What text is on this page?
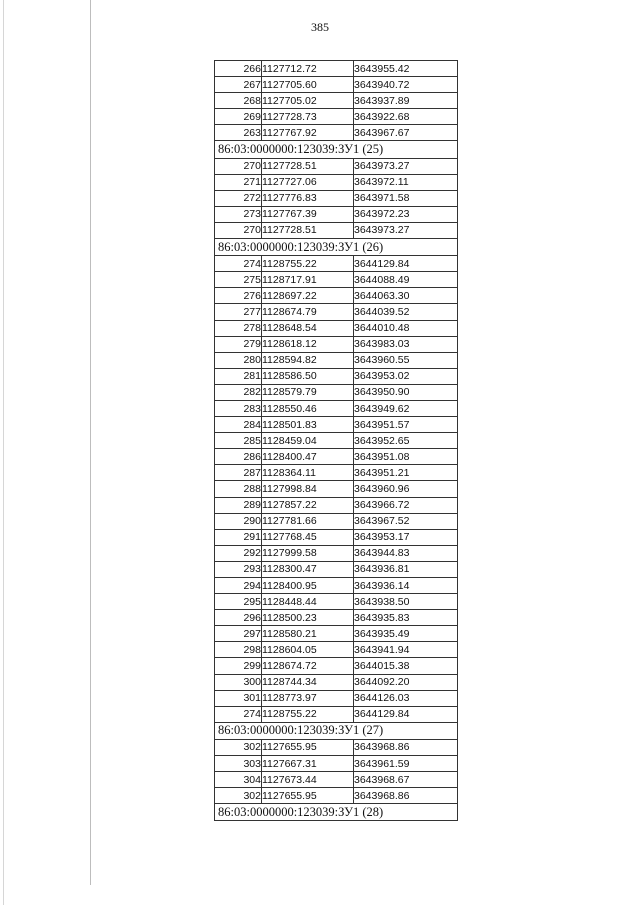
385
266	1127712.72	3643955.42
267	1127705.60	3643940.72
268	1127705.02	3643937.89
269	1127728.73	3643922.68
263	1127767.92	3643967.67
86:03:0000000:123039:ЗУ1 (25)		
270	1127728.51	3643973.27
271	1127727.06	3643972.11
272	1127776.83	3643971.58
273	1127767.39	3643972.23
270	1127728.51	3643973.27
86:03:0000000:123039:ЗУ1 (26)		
274	1128755.22	3644129.84
275	1128717.91	3644088.49
276	1128697.22	3644063.30
277	1128674.79	3644039.52
278	1128648.54	3644010.48
279	1128618.12	3643983.03
280	1128594.82	3643960.55
281	1128586.50	3643953.02
282	1128579.79	3643950.90
283	1128550.46	3643949.62
284	1128501.83	3643951.57
285	1128459.04	3643952.65
286	1128400.47	3643951.08
287	1128364.11	3643951.21
288	1127998.84	3643960.96
289	1127857.22	3643966.72
290	1127781.66	3643967.52
291	1127768.45	3643953.17
292	1127999.58	3643944.83
293	1128300.47	3643936.81
294	1128400.95	3643936.14
295	1128448.44	3643938.50
296	1128500.23	3643935.83
297	1128580.21	3643935.49
298	1128604.05	3643941.94
299	1128674.72	3644015.38
300	1128744.34	3644092.20
301	1128773.97	3644126.03
274	1128755.22	3644129.84
86:03:0000000:123039:ЗУ1 (27)		
302	1127655.95	3643968.86
303	1127667.31	3643961.59
304	1127673.44	3643968.67
302	1127655.95	3643968.86
86:03:0000000:123039:ЗУ1 (28)		
